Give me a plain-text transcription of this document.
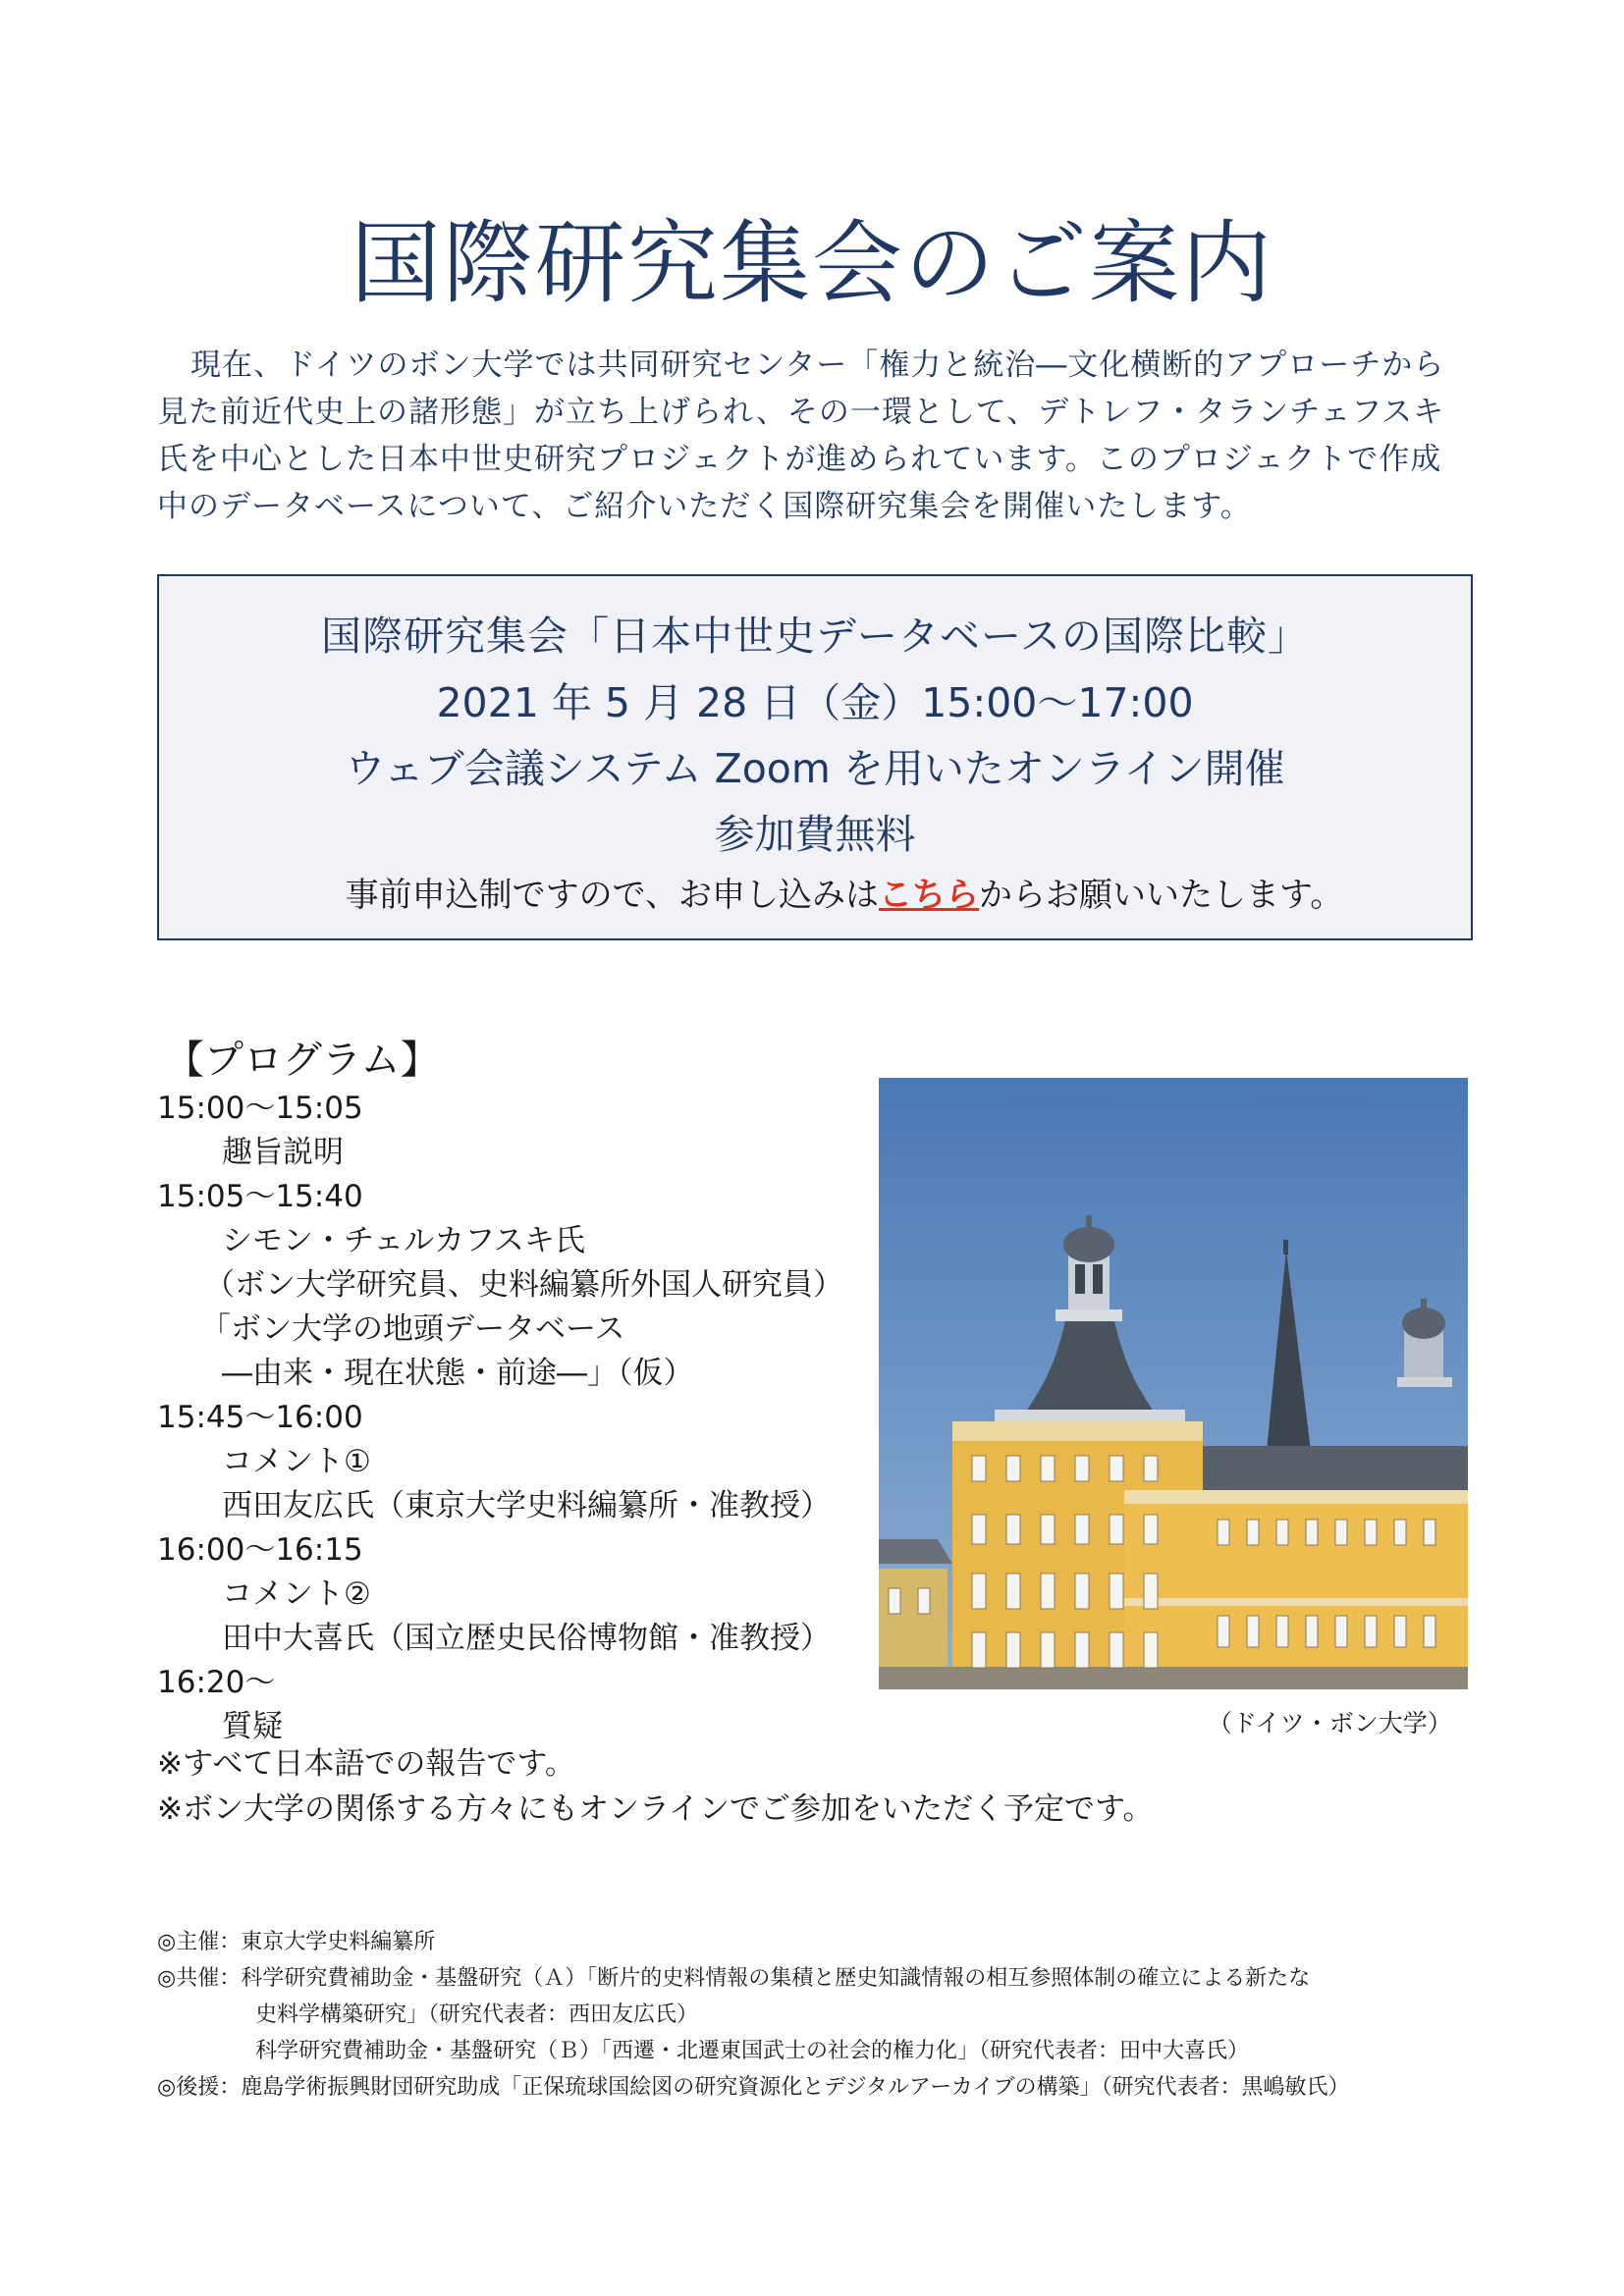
国際研究集会のご案内

現在、ドイツのボン大学では共同研究センター「権力と統治―文化横断的アプローチから見た前近代史上の諸形態」が立ち上げられ、その一環として、デトレフ・タランチェフスキ氏を中心とした日本中世史研究プロジェクトが進められています。このプロジェクトで作成中のデータベースについて、ご紹介いただく国際研究集会を開催いたします。

国際研究集会「日本中世史データベースの国際比較」
2021 年 5 月 28 日（金）15:00～17:00
ウェブ会議システム Zoom を用いたオンライン開催
参加費無料
事前申込制ですので、お申し込みはこちらからお願いいたします。
【プログラム】
15:00～15:05
趣旨説明
15:05～15:40
シモン・チェルカフスキ氏
（ボン大学研究員、史料編纂所外国人研究員）
「ボン大学の地頭データベース
―由来・現在状態・前途―」（仮）
15:45～16:00
コメント①
西田友広氏（東京大学史料編纂所・准教授）
16:00～16:15
コメント②
田中大喜氏（国立歴史民俗博物館・准教授）
16:20～
質疑
※すべて日本語での報告です。
※ボン大学の関係する方々にもオンラインでご参加をいただく予定です。
（ドイツ・ボン大学）
◎主催：東京大学史料編纂所
◎共催：科学研究費補助金・基盤研究（Ａ）「断片的史料情報の集積と歴史知識情報の相互参照体制の確立による新たな
史料学構築研究」（研究代表者：西田友広氏）
科学研究費補助金・基盤研究（Ｂ）「西遷・北遷東国武士の社会的権力化」（研究代表者：田中大喜氏）
◎後援：鹿島学術振興財団研究助成「正保琉球国絵図の研究資源化とデジタルアーカイブの構築」（研究代表者：黒嶋敏氏）
